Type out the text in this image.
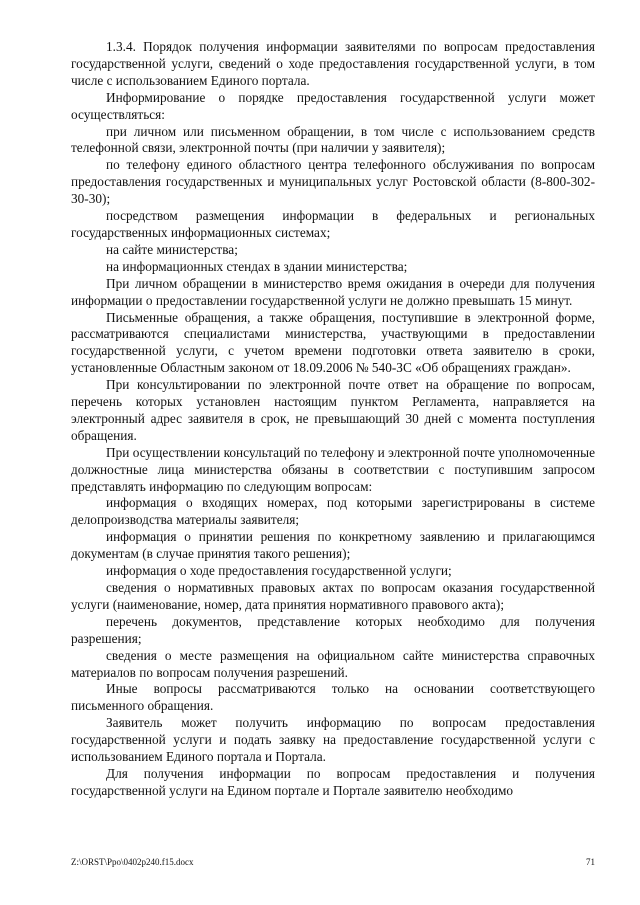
1.3.4. Порядок получения информации заявителями по вопросам предоставления государственной услуги, сведений о ходе предоставления государственной услуги, в том числе с использованием Единого портала.

Информирование о порядке предоставления государственной услуги может осуществляться:

при личном или письменном обращении, в том числе с использованием средств телефонной связи, электронной почты (при наличии у заявителя);

по телефону единого областного центра телефонного обслуживания по вопросам предоставления государственных и муниципальных услуг Ростовской области (8-800-302-30-30);

посредством размещения информации в федеральных и региональных государственных информационных системах;

на сайте министерства;

на информационных стендах в здании министерства;

При личном обращении в министерство время ожидания в очереди для получения информации о предоставлении государственной услуги не должно превышать 15 минут.

Письменные обращения, а также обращения, поступившие в электронной форме, рассматриваются специалистами министерства, участвующими в предоставлении государственной услуги, с учетом времени подготовки ответа заявителю в сроки, установленные Областным законом от 18.09.2006 № 540-ЗС «Об обращениях граждан».

При консультировании по электронной почте ответ на обращение по вопросам, перечень которых установлен настоящим пунктом Регламента, направляется на электронный адрес заявителя в срок, не превышающий 30 дней с момента поступления обращения.

При осуществлении консультаций по телефону и электронной почте уполномоченные должностные лица министерства обязаны в соответствии с поступившим запросом представлять информацию по следующим вопросам:

информация о входящих номерах, под которыми зарегистрированы в системе делопроизводства материалы заявителя;

информация о принятии решения по конкретному заявлению и прилагающимся документам (в случае принятия такого решения);

информация о ходе предоставления государственной услуги;

сведения о нормативных правовых актах по вопросам оказания государственной услуги (наименование, номер, дата принятия нормативного правового акта);

перечень документов, представление которых необходимо для получения разрешения;

сведения о месте размещения на официальном сайте министерства справочных материалов по вопросам получения разрешений.

Иные вопросы рассматриваются только на основании соответствующего письменного обращения.

Заявитель может получить информацию по вопросам предоставления государственной услуги и подать заявку на предоставление государственной услуги с использованием Единого портала и Портала.

Для получения информации по вопросам предоставления и получения государственной услуги на Едином портале и Портале заявителю необходимо

Z:\ORST\Ppo\0402p240.f15.docx	71
